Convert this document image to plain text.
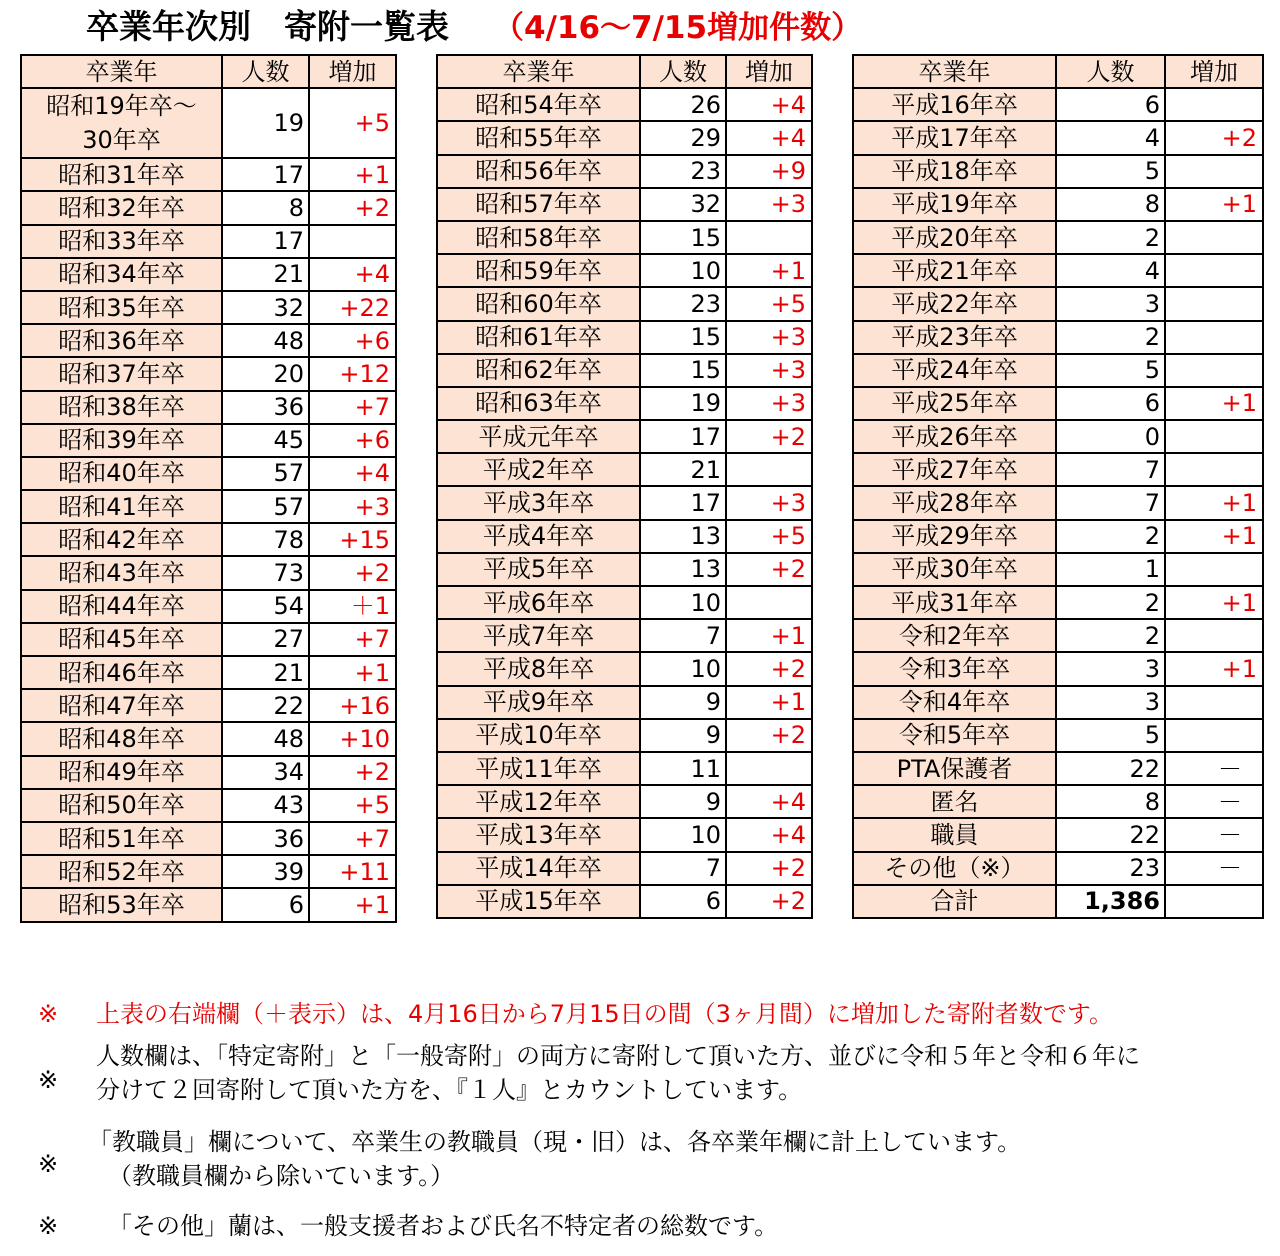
卒業年次別　寄附一覧表 （4/16～7/15増加件数）
卒業年	人数	増加
昭和19年卒～30年卒	19	+5
昭和31年卒	17	+1
昭和32年卒	8	+2
昭和33年卒	17	
昭和34年卒	21	+4
昭和35年卒	32	+22
昭和36年卒	48	+6
昭和37年卒	20	+12
昭和38年卒	36	+7
昭和39年卒	45	+6
昭和40年卒	57	+4
昭和41年卒	57	+3
昭和42年卒	78	+15
昭和43年卒	73	+2
昭和44年卒	54	＋1
昭和45年卒	27	+7
昭和46年卒	21	+1
昭和47年卒	22	+16
昭和48年卒	48	+10
昭和49年卒	34	+2
昭和50年卒	43	+5
昭和51年卒	36	+7
昭和52年卒	39	+11
昭和53年卒	6	+1
卒業年	人数	増加
昭和54年卒	26	+4
昭和55年卒	29	+4
昭和56年卒	23	+9
昭和57年卒	32	+3
昭和58年卒	15	
昭和59年卒	10	+1
昭和60年卒	23	+5
昭和61年卒	15	+3
昭和62年卒	15	+3
昭和63年卒	19	+3
平成元年卒	17	+2
平成2年卒	21	
平成3年卒	17	+3
平成4年卒	13	+5
平成5年卒	13	+2
平成6年卒	10	
平成7年卒	7	+1
平成8年卒	10	+2
平成9年卒	9	+1
平成10年卒	9	+2
平成11年卒	11	
平成12年卒	9	+4
平成13年卒	10	+4
平成14年卒	7	+2
平成15年卒	6	+2
卒業年	人数	増加
平成16年卒	6	
平成17年卒	4	+2
平成18年卒	5	
平成19年卒	8	+1
平成20年卒	2	
平成21年卒	4	
平成22年卒	3	
平成23年卒	2	
平成24年卒	5	
平成25年卒	6	+1
平成26年卒	0	
平成27年卒	7	
平成28年卒	7	+1
平成29年卒	2	+1
平成30年卒	1	
平成31年卒	2	+1
令和2年卒	2	
令和3年卒	3	+1
令和4年卒	3	
令和5年卒	5	
PTA保護者	22	－
匿名	8	－
職員	22	－
その他（※）	23	－
合計	1,386	
※ 上表の右端欄（＋表示）は、4月16日から7月15日の間（3ヶ月間）に増加した寄附者数です。
※
人数欄は、「特定寄附」と「一般寄附」の両方に寄附して頂いた方、並びに令和５年と令和６年に
分けて２回寄附して頂いた方を、『１人』とカウントしています。
※
「教職員」欄について、卒業生の教職員（現・旧）は、各卒業年欄に計上しています。
（教職員欄から除いています。）
※ 「その他」蘭は、一般支援者および氏名不特定者の総数です。
